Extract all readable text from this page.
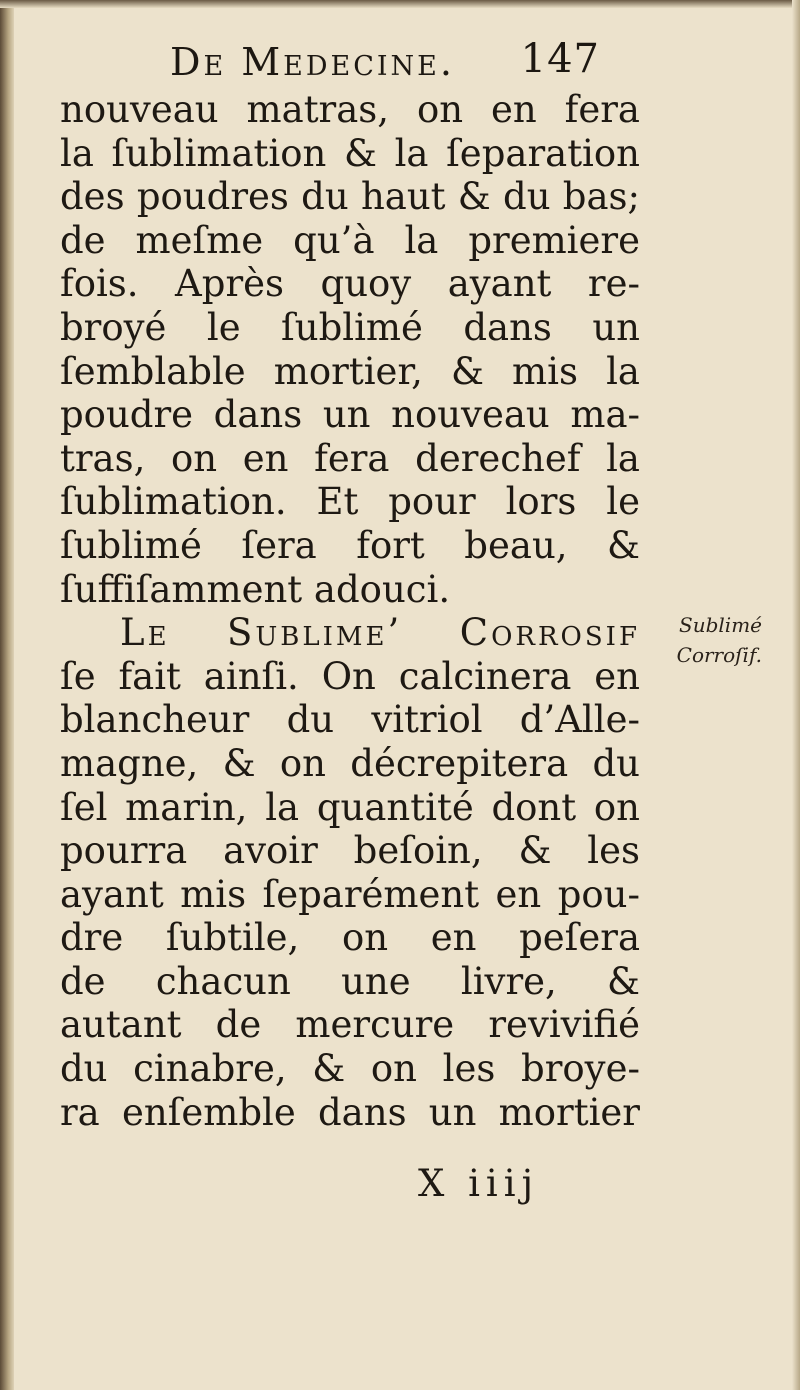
De Medecine. 147
nouveau matras, on en fera
la ſublimation & la ſeparation
des poudres du haut & du bas;
de meſme qu’à la premiere
fois. Après quoy ayant re-
broyé le ſublimé dans un
ſemblable mortier, & mis la
poudre dans un nouveau ma-
tras, on en fera derechef la
ſublimation. Et pour lors le
ſublimé ſera fort beau, &
ſuffiſamment adouci.
Le Sublime’ Corrosif
ſe fait ainſi. On calcinera en
blancheur du vitriol d’Alle-
magne, & on décrepitera du
ſel marin, la quantité dont on
pourra avoir beſoin, & les
ayant mis ſeparément en pou-
dre ſubtile, on en peſera
de chacun une livre, &
autant de mercure revivifié
du cinabre, & on les broye-
ra enſemble dans un mortier
Sublimé
Corroſif.
X iiij
